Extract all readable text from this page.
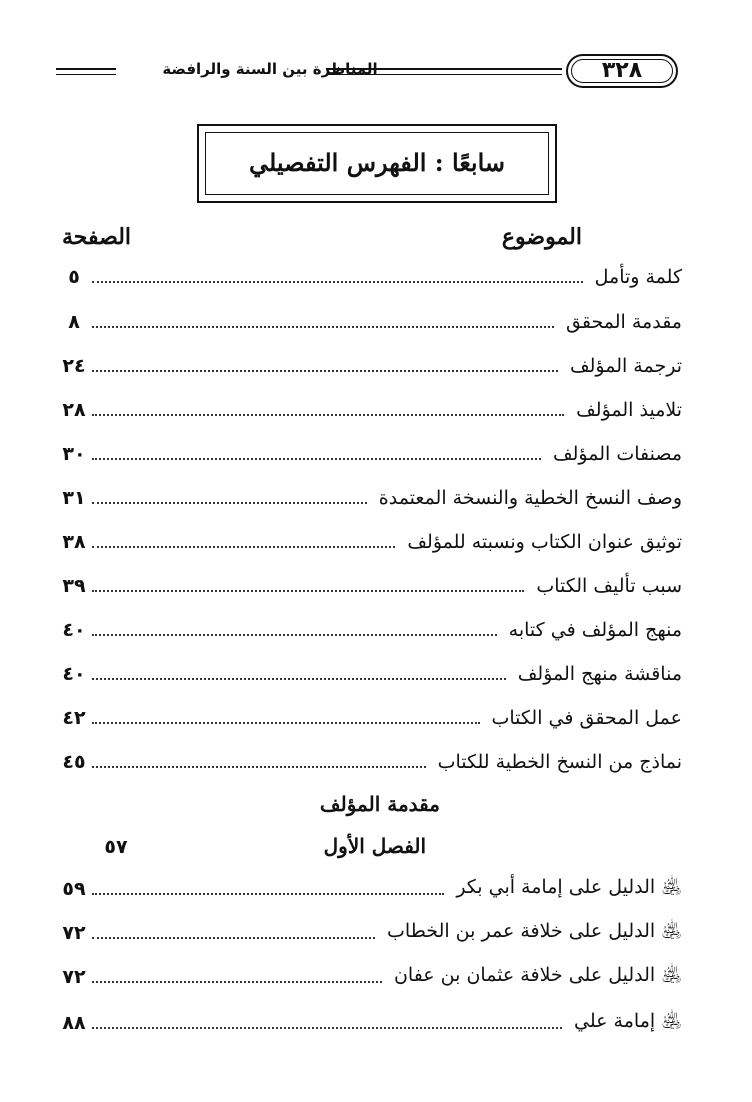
المناظرة بين السنة والرافضة	٣٢٨
سابعًا : الفهرس التفصيلي
الموضوع
الصفحة
كلمة وتأمل
٥
مقدمة المحقق
٨
ترجمة المؤلف
٢٤
تلاميذ المؤلف
٢٨
مصنفات المؤلف
٣٠
وصف النسخ الخطية والنسخة المعتمدة
٣١
توثيق عنوان الكتاب ونسبته للمؤلف
٣٨
سبب تأليف الكتاب
٣٩
منهج المؤلف في كتابه
٤٠
مناقشة منهج المؤلف
٤٠
عمل المحقق في الكتاب
٤٢
نماذج من النسخ الخطية للكتاب
٤٥
مقدمة المؤلف
الفصل الأول
٥٧
الدليل على إمامة أبي بكر ﵁
٥٩
الدليل على خلافة عمر بن الخطاب ﵁
٧٢
الدليل على خلافة عثمان بن عفان ﵁
٧٢
إمامة علي ﵁
٨٨
